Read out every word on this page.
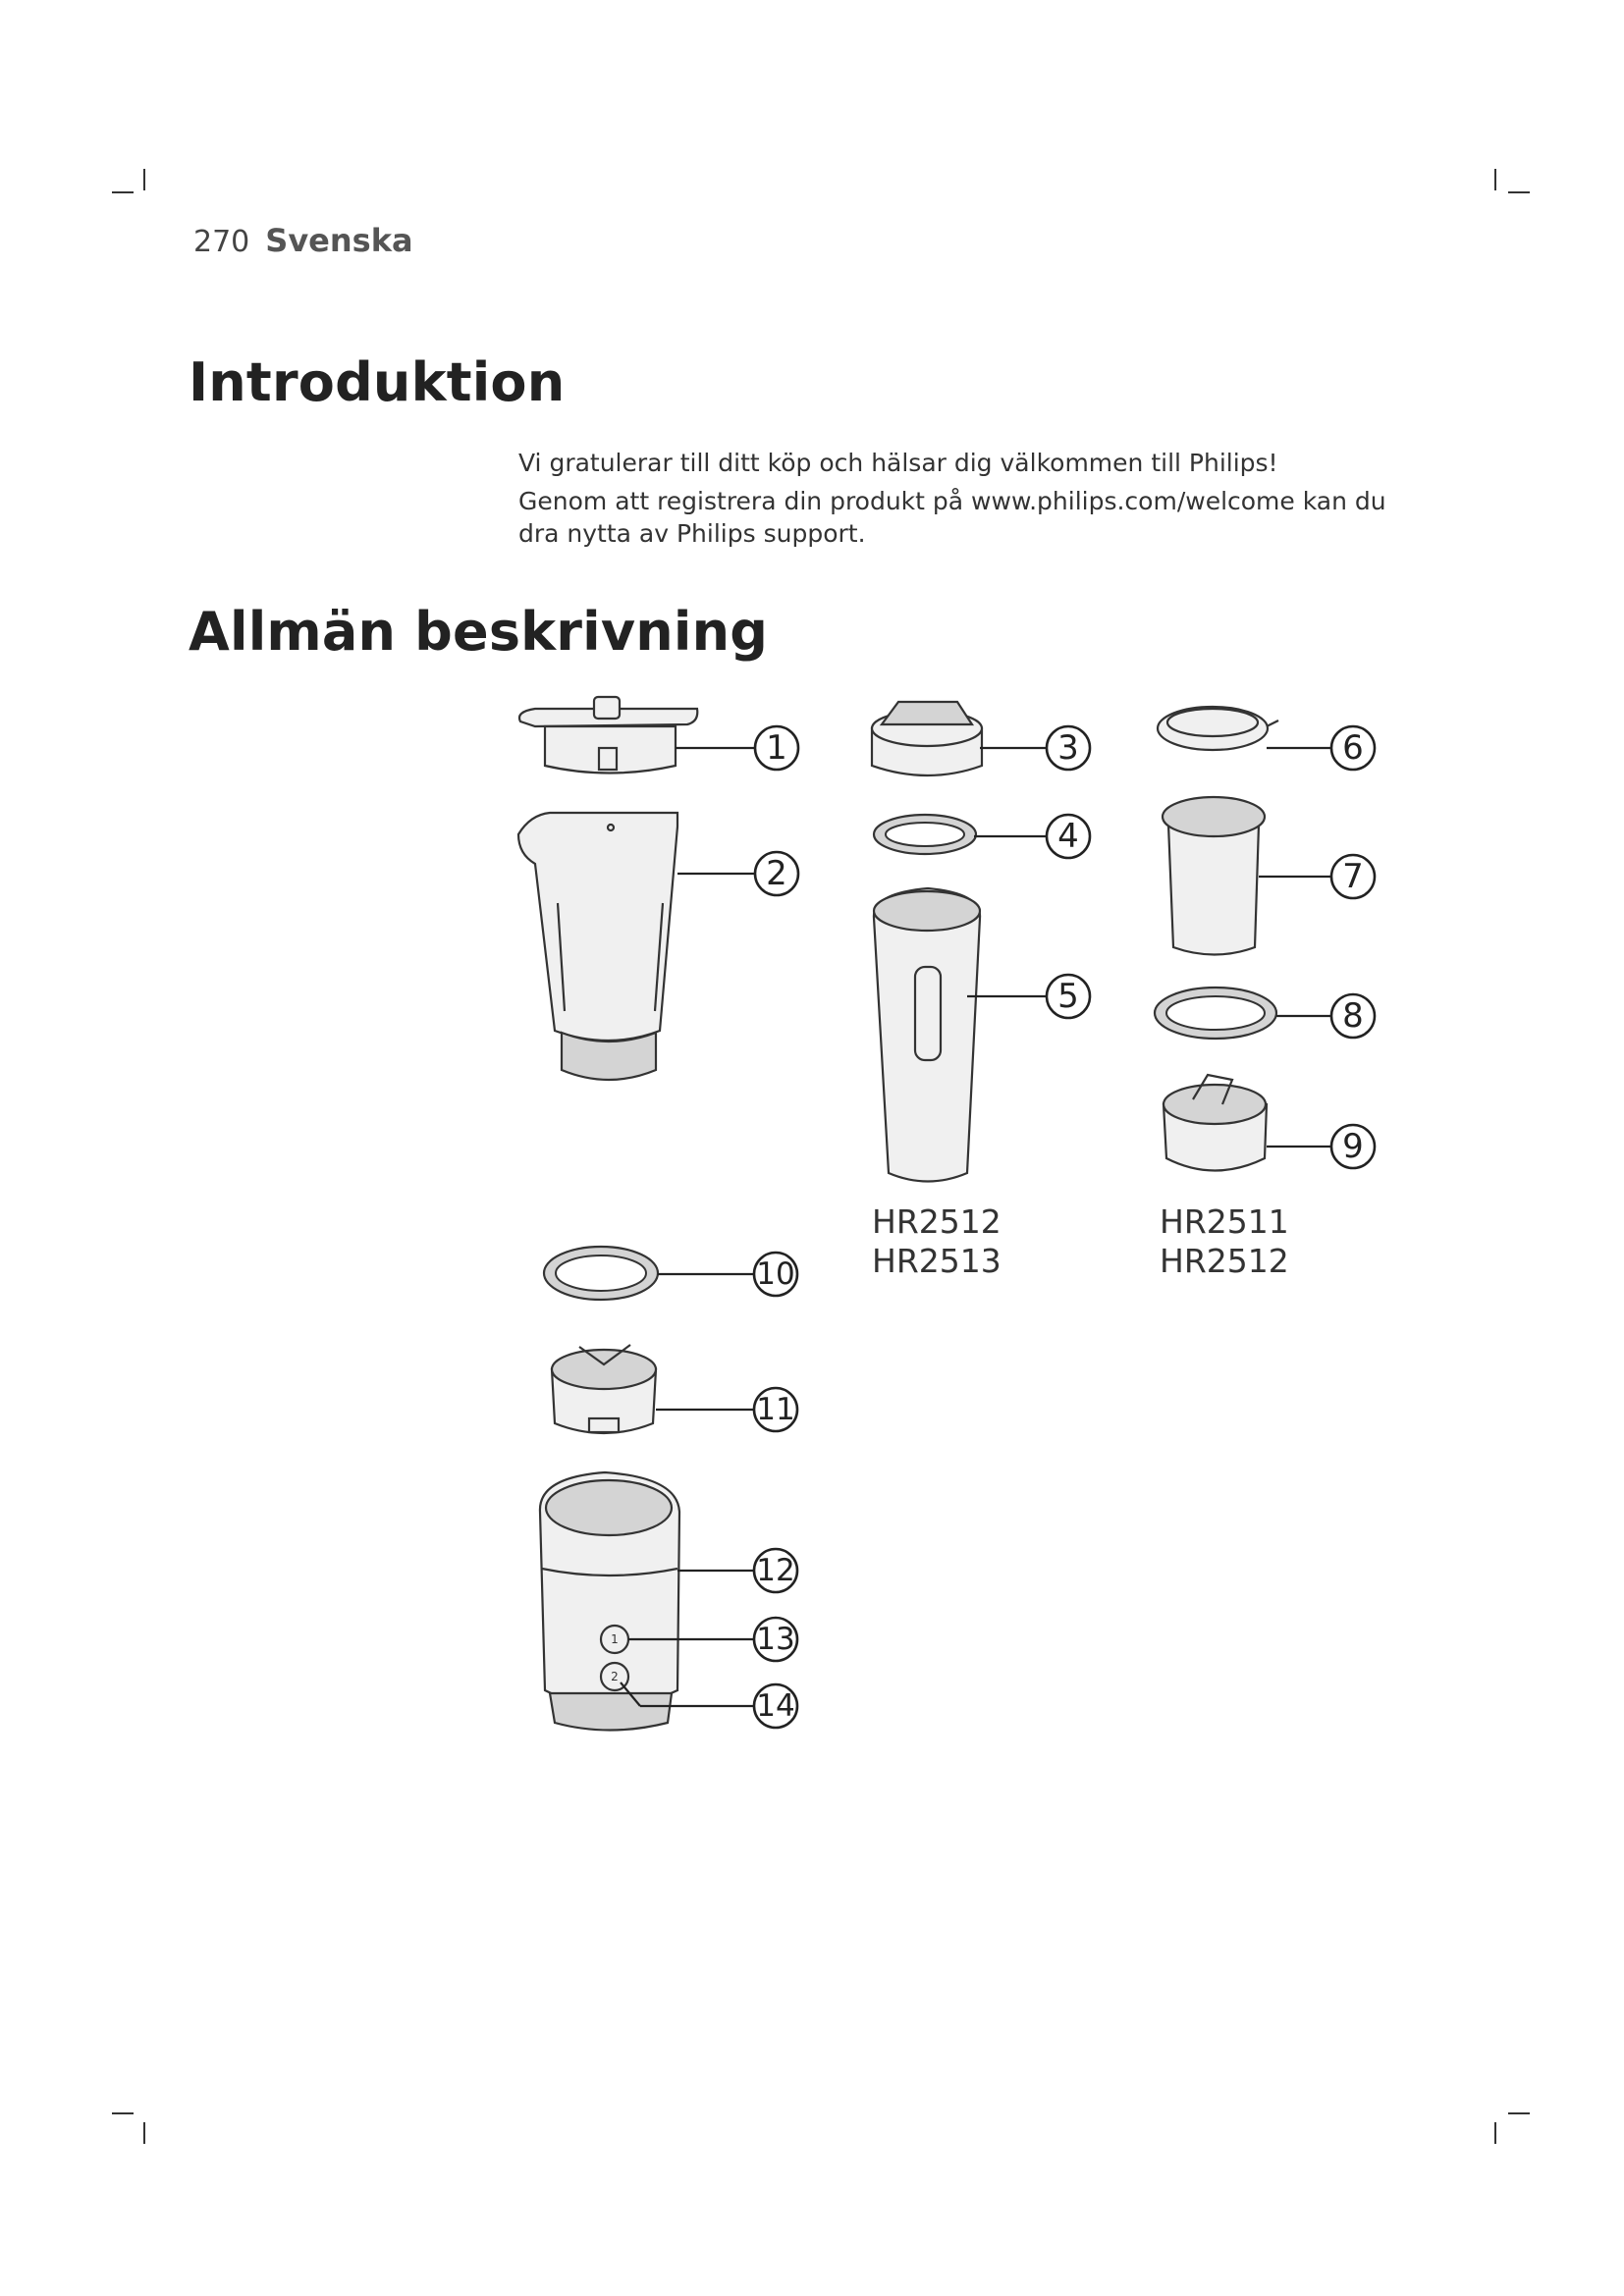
270 Svenska
Introduktion

Vi gratulerar till ditt köp och hälsar dig välkommen till Philips!

Genom att registrera din produkt på www.philips.com/welcome kan du dra nytta av Philips support.

Allmän beskrivning
1
2
1
2
3
4
5
6
7
8
9
10
11
12
13
14
HR2512
HR2513
HR2511
HR2512
